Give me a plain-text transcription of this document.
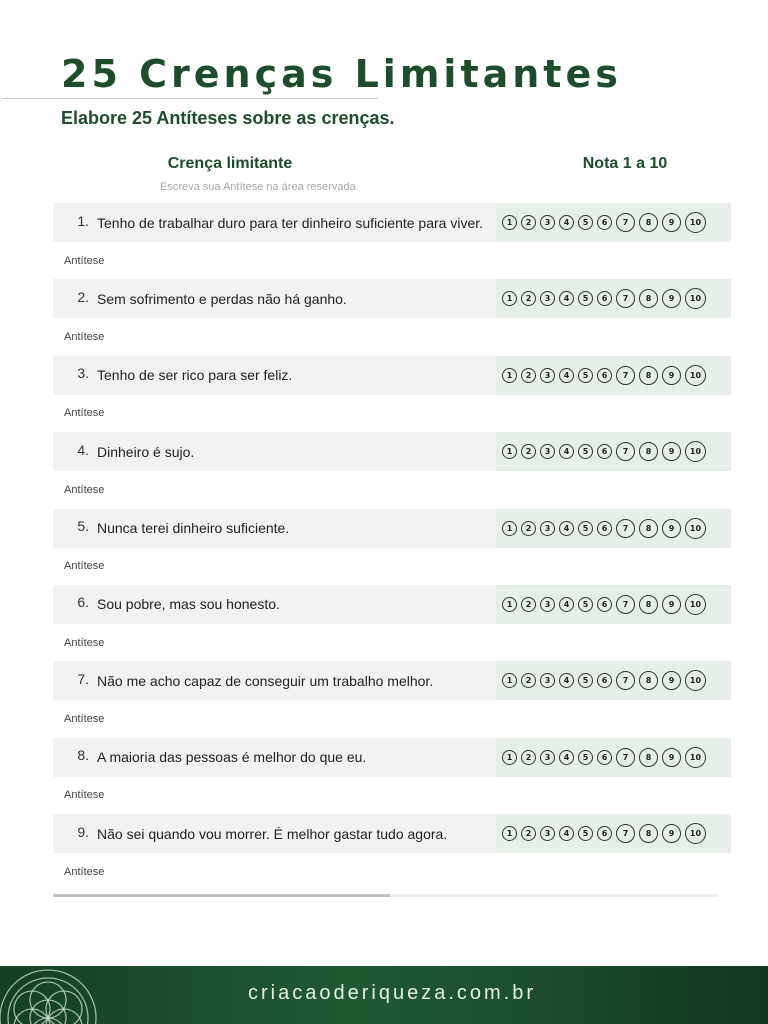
25 Crenças Limitantes
Elabore 25 Antíteses sobre as crenças.
Crença limitante
Escreva sua Antítese na área reservada.
Nota 1 a 10
1. Tenho de trabalhar duro para ter dinheiro suficiente para viver.	1	2	3	4	5	6	7	8	9	10
Antítese
2. Sem sofrimento e perdas não há ganho.	1	2	3	4	5	6	7	8	9	10
Antítese
3. Tenho de ser rico para ser feliz.	1	2	3	4	5	6	7	8	9	10
Antítese
4. Dinheiro é sujo.	1	2	3	4	5	6	7	8	9	10
Antítese
5. Nunca terei dinheiro suficiente.	1	2	3	4	5	6	7	8	9	10
Antítese
6. Sou pobre, mas sou honesto.	1	2	3	4	5	6	7	8	9	10
Antítese
7. Não me acho capaz de conseguir um trabalho melhor.	1	2	3	4	5	6	7	8	9	10
Antítese
8. A maioria das pessoas é melhor do que eu.	1	2	3	4	5	6	7	8	9	10
Antítese
9. Não sei quando vou morrer. É melhor gastar tudo agora.	1	2	3	4	5	6	7	8	9	10
Antítese
criacaoderiqueza.com.br
